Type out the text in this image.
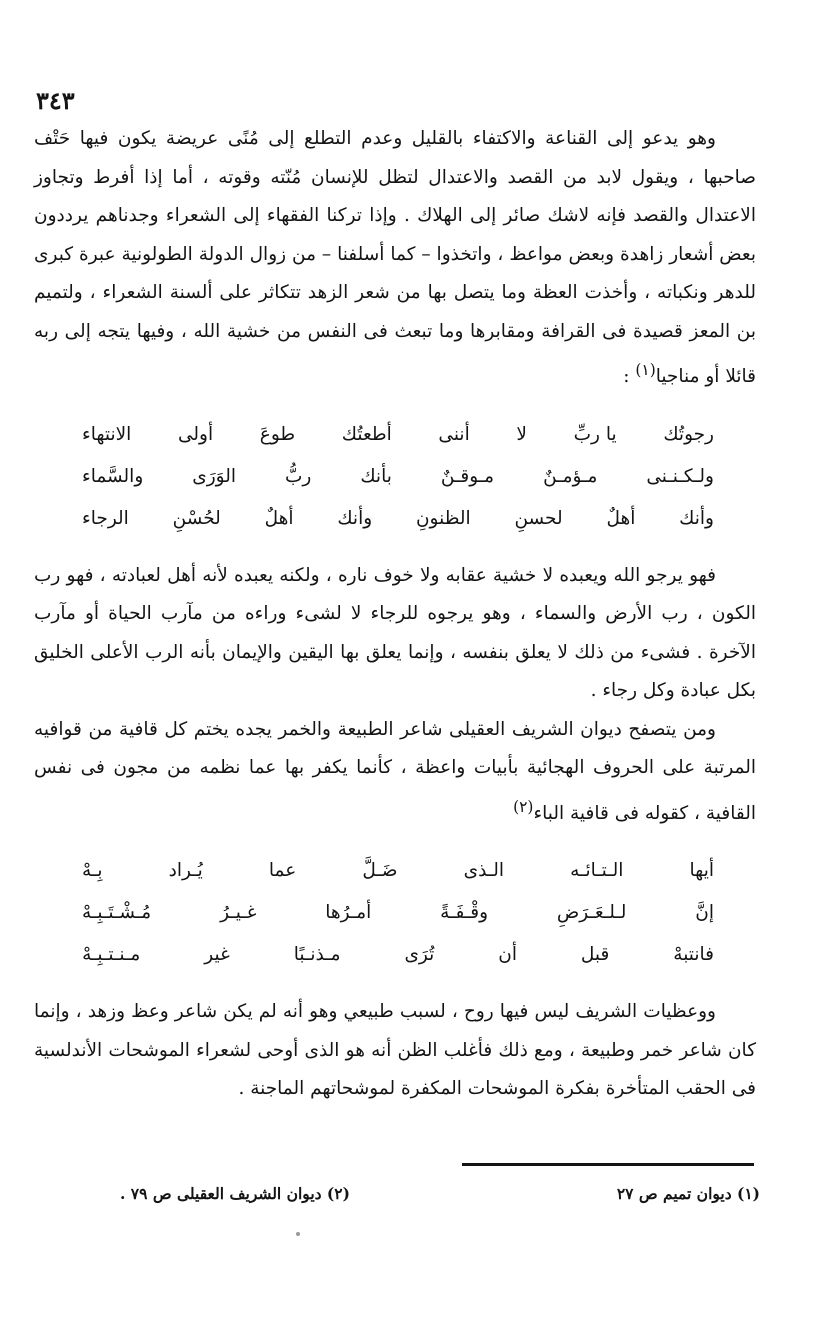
٣٤٣

وهو يدعو إلى القناعة والاكتفاء بالقليل وعدم التطلع إلى مُنًى عريضة يكون فيها حَتْف صاحبها ، ويقول لابد من القصد والاعتدال لتظل للإنسان مُنّته وقوته ، أما إذا أفرط وتجاوز الاعتدال والقصد فإنه لاشك صائر إلى الهلاك . وإذا تركنا الفقهاء إلى الشعراء وجدناهم يرددون بعض أشعار زاهدة وبعض مواعظ ، واتخذوا – كما أسلفنا – من زوال الدولة الطولونية عبرة كبرى للدهر ونكباته ، وأخذت العظة وما يتصل بها من شعر الزهد تتكاثر على ألسنة الشعراء ، ولتميم بن المعز قصيدة فى القرافة ومقابرها وما تبعث فى النفس من خشية الله ، وفيها يتجه إلى ربه قائلا أو مناجيا$^{(١)}$ :

رجوتُك
يا ربِّ
لا
أننى
أطعتُك
طوعَ
أولى
الانتهاء
ولـكـنـنى
مـؤمـنٌ
مـوقـنٌ
بأنك
ربُّ
الوَرَى
والسَّماء
وأنك
أهلٌ
لحسنِ
الظنونِ
وأنك
أهلٌ
لحُسْنِ
الرجاء

فهو يرجو الله ويعبده لا خشية عقابه ولا خوف ناره ، ولكنه يعبده لأنه أهل لعبادته ، فهو رب الكون ، رب الأرض والسماء ، وهو يرجوه للرجاء لا لشىء وراءه من مآرب الحياة أو مآرب الآخرة . فشىء من ذلك لا يعلق بنفسه ، وإنما يعلق بها اليقين والإيمان بأنه الرب الأعلى الخليق بكل عبادة وكل رجاء .

ومن يتصفح ديوان الشريف العقيلى شاعر الطبيعة والخمر يجده يختم كل قافية من قوافيه المرتبة على الحروف الهجائية بأبيات واعظة ، كأنما يكفر بها عما نظمه من مجون فى نفس القافية ، كقوله فى قافية الباء$^{(٢)}$

أيها
الـتـائـه
الـذى
ضَـلَّ
عما
يُـراد
بِـهْ
إنَّ
لـلـعَـرَضِ
وقْـفَـةً
أمـرُها
غـيـرُ
مُـشْـتَـبِـهْ
فانتبهْ
قبل
أن
تُرَى
مـذنـبًا
غير
مـنـتـبِـهْ

ووعظيات الشريف ليس فيها روح ، لسبب طبيعي وهو أنه لم يكن شاعر وعظ وزهد ، وإنما كان شاعر خمر وطبيعة ، ومع ذلك فأغلب الظن أنه هو الذى أوحى لشعراء الموشحات الأندلسية فى الحقب المتأخرة بفكرة الموشحات المكفرة لموشحاتهم الماجنة .

(١) ديوان تميم ص ٢٧
(٢) ديوان الشريف العقيلى ص ٧٩ .
